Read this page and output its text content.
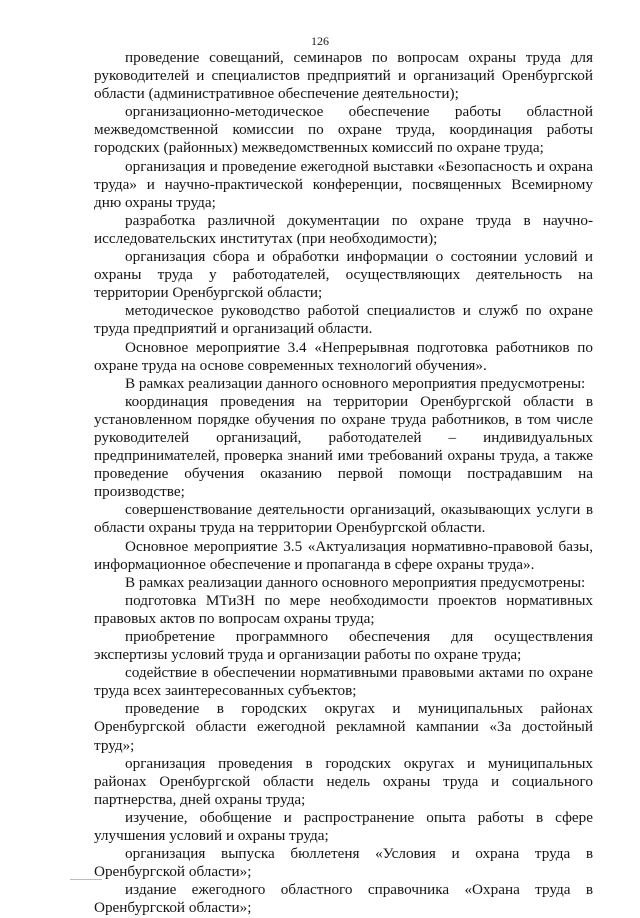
126

проведение совещаний, семинаров по вопросам охраны труда для руководителей и специалистов предприятий и организаций Оренбургской области (административное обеспечение деятельности);

организационно-методическое обеспечение работы областной межведомственной комиссии по охране труда, координация работы городских (районных) межведомственных комиссий по охране труда;

организация и проведение ежегодной выставки «Безопасность и охрана труда» и научно-практической конференции, посвященных Всемирному дню охраны труда;

разработка различной документации по охране труда в научно-исследовательских институтах (при необходимости);

организация сбора и обработки информации о состоянии условий и охраны труда у работодателей, осуществляющих деятельность на территории Оренбургской области;

методическое руководство работой специалистов и служб по охране труда предприятий и организаций области.

Основное мероприятие 3.4 «Непрерывная подготовка работников по охране труда на основе современных технологий обучения».

В рамках реализации данного основного мероприятия предусмотрены:

координация проведения на территории Оренбургской области в установленном порядке обучения по охране труда работников, в том числе руководителей организаций, работодателей – индивидуальных предпринимателей, проверка знаний ими требований охраны труда, а также проведение обучения оказанию первой помощи пострадавшим на производстве;

совершенствование деятельности организаций, оказывающих услуги в области охраны труда на территории Оренбургской области.

Основное мероприятие 3.5 «Актуализация нормативно-правовой базы, информационное обеспечение и пропаганда в сфере охраны труда».

В рамках реализации данного основного мероприятия предусмотрены:

подготовка МТиЗН по мере необходимости проектов нормативных правовых актов по вопросам охраны труда;

приобретение программного обеспечения для осуществления экспертизы условий труда и организации работы по охране труда;

содействие в обеспечении нормативными правовыми актами по охране труда всех заинтересованных субъектов;

проведение в городских округах и муниципальных районах Оренбургской области ежегодной рекламной кампании «За достойный труд»;

организация проведения в городских округах и муниципальных районах Оренбургской области недель охраны труда и социального партнерства, дней охраны труда;

изучение, обобщение и распространение опыта работы в сфере улучшения условий и охраны труда;

организация выпуска бюллетеня «Условия и охрана труда в Оренбургской области»;

издание ежегодного областного справочника «Охрана труда в Оренбургской области»;
